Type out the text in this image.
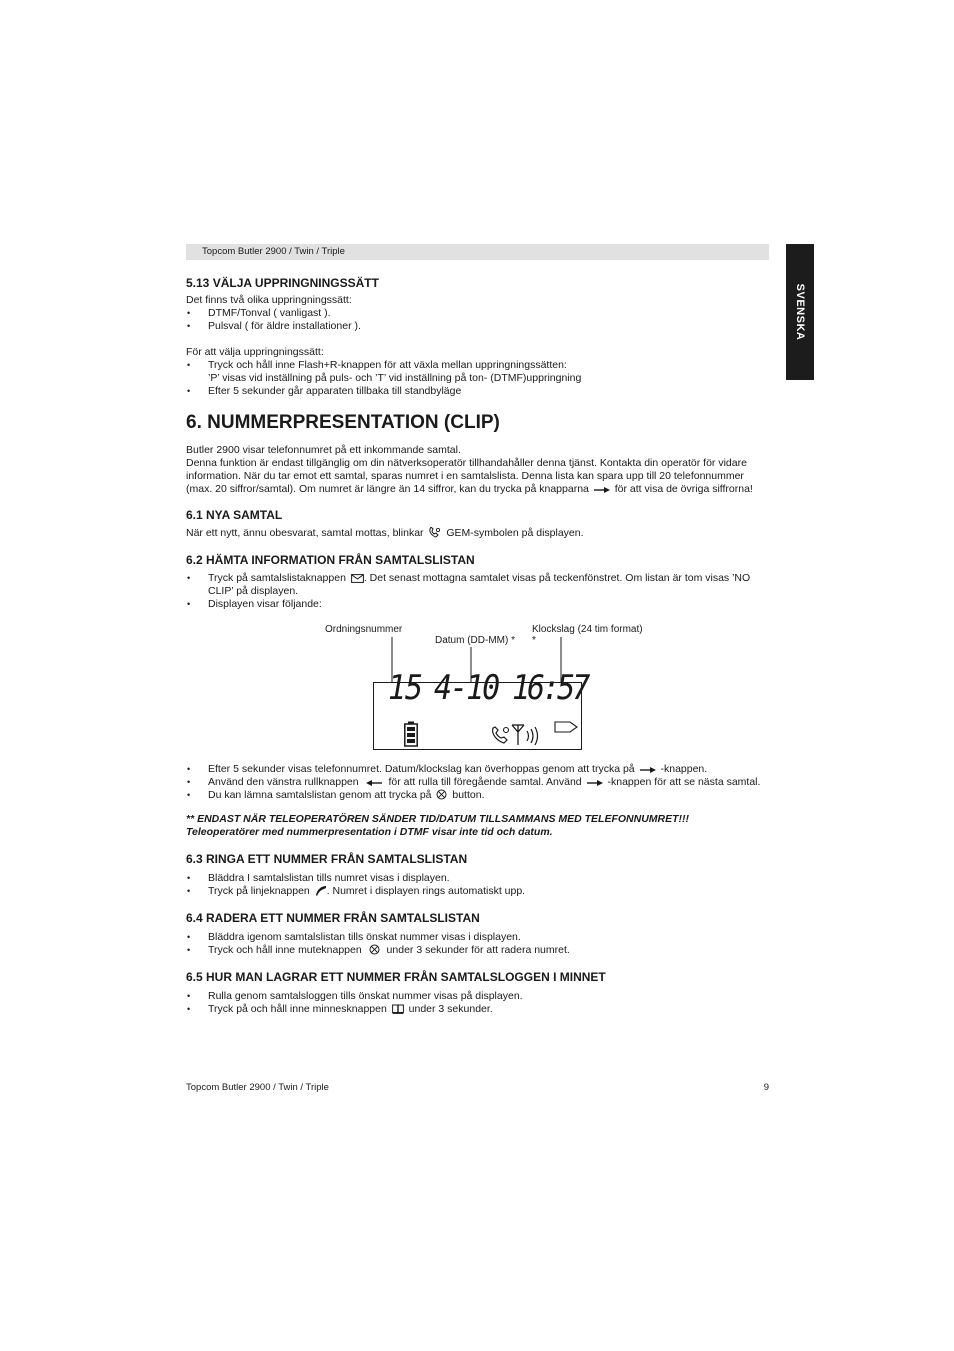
Topcom Butler 2900 / Twin / Triple
SVENSKA
5.13 VÄLJA UPPRINGNINGSSÄTT

Det finns två olika uppringningssätt:

• DTMF/Tonval ( vanligast ).
• Pulsval ( för äldre installationer ).

För att välja uppringningssätt:

• Tryck och håll inne Flash+R-knappen för att växla mellan uppringningssätten:
’P’ visas vid inställning på puls- och ’T’ vid inställning på ton- (DTMF)uppringning
• Efter 5 sekunder går apparaten tillbaka till standbyläge
6. NUMMERPRESENTATION (CLIP)

Butler 2900 visar telefonnumret på ett inkommande samtal.

Denna funktion är endast tillgänglig om din nätverksoperatör tillhandahåller denna tjänst. Kontakta din operatör för vidare information. När du tar emot ett samtal, sparas numret i en samtalslista. Denna lista kan spara upp till 20 telefonnummer (max. 20 siffror/samtal). Om numret är längre än 14 siffror, kan du trycka på knapparna för att visa de övriga siffrorna!

6.1 NYA SAMTAL

När ett nytt, ännu obesvarat, samtal mottas, blinkar GEM-symbolen på displayen.

6.2 HÄMTA INFORMATION FRÅN SAMTALSLISTAN
• Tryck på samtalslistaknappen . Det senast mottagna samtalet visas på teckenfönstret. Om listan är tom visas ’NO CLIP’ på displayen.
• Displayen visar följande:
Ordningsnummer
Datum (DD-MM) *
Klockslag (24 tim format)
*
15 4-10 16:57
• Efter 5 sekunder visas telefonnumret. Datum/klockslag kan överhoppas genom att trycka på -knappen.
• Använd den vänstra rullknappen	för att rulla till föregående samtal. Använd -knappen för att se nästa samtal.
• Du kan lämna samtalslistan genom att trycka på button.

** ENDAST NÄR TELEOPERATÖREN SÄNDER TID/DATUM TILLSAMMANS MED TELEFONNUMRET!!!

Teleoperatörer med nummerpresentation i DTMF visar inte tid och datum.

6.3 RINGA ETT NUMMER FRÅN SAMTALSLISTAN
• Bläddra I samtalslistan tills numret visas i displayen.
• Tryck på linjeknappen . Numret i displayen rings automatiskt upp.
6.4 RADERA ETT NUMMER FRÅN SAMTALSLISTAN
• Bläddra igenom samtalslistan tills önskat nummer visas i displayen.
• Tryck och håll inne muteknappen under 3 sekunder för att radera numret.
6.5 HUR MAN LAGRAR ETT NUMMER FRÅN SAMTALSLOGGEN I MINNET
• Rulla genom samtalsloggen tills önskat nummer visas på displayen.
• Tryck på och håll inne minnesknappen under 3 sekunder.
Topcom Butler 2900 / Twin / Triple	9
